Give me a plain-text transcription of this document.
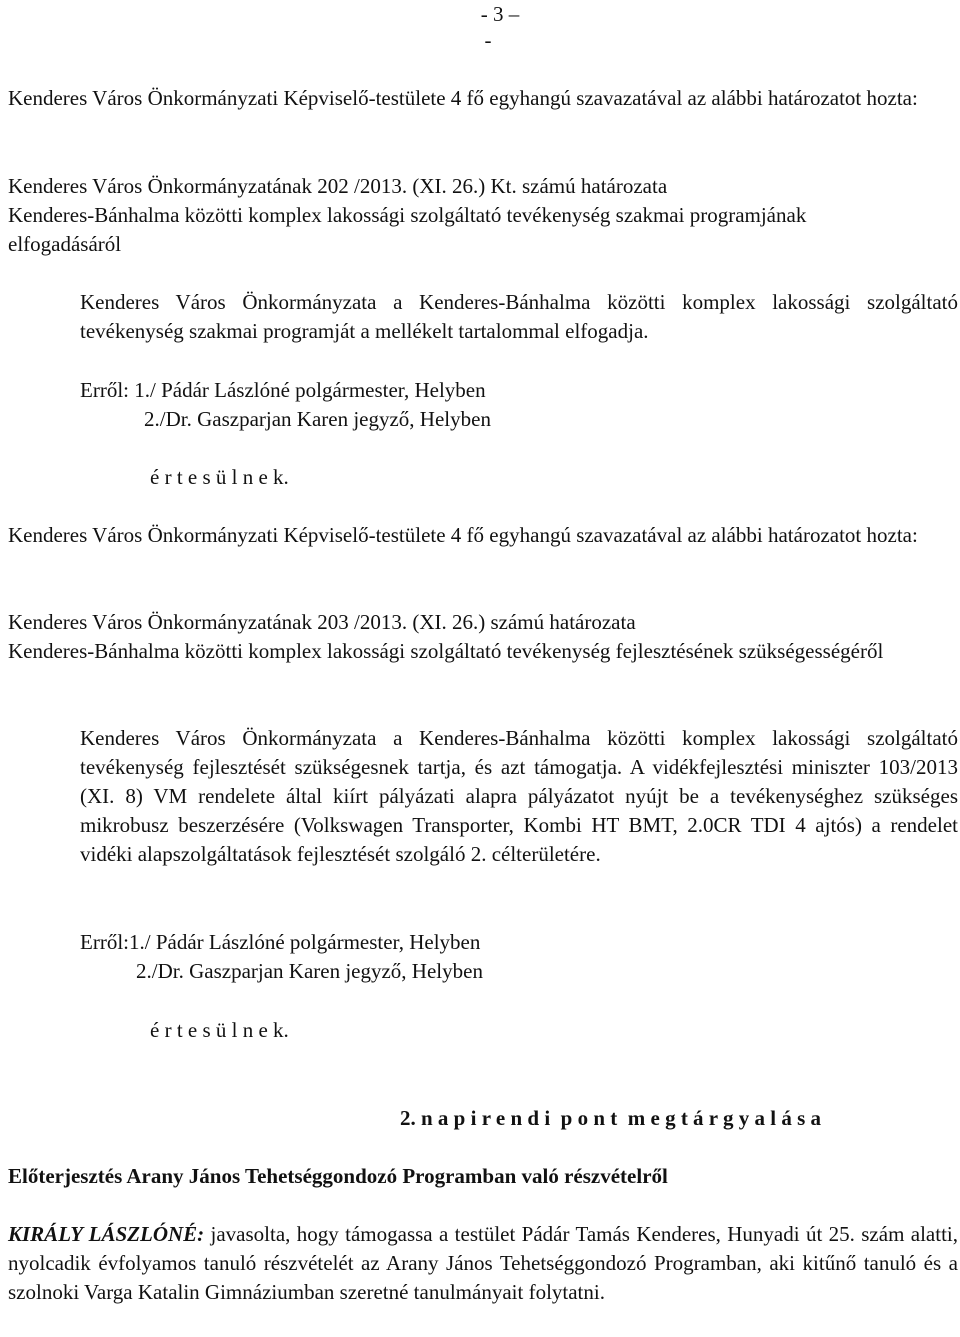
- 3 –
-
Kenderes Város Önkormányzati Képviselő-testülete 4 fő egyhangú szavazatával az alábbi határozatot hozta:
Kenderes Város Önkormányzatának 202 /2013. (XI. 26.) Kt. számú határozata
Kenderes-Bánhalma közötti komplex lakossági szolgáltató tevékenység szakmai programjának elfogadásáról
Kenderes Város Önkormányzata a Kenderes-Bánhalma közötti komplex lakossági szolgáltató tevékenység szakmai programját a mellékelt tartalommal elfogadja.
Erről: 1./ Pádár Lászlóné polgármester, Helyben
2./Dr. Gaszparjan Karen jegyző, Helyben
é r t e s ü l n e k.
Kenderes Város Önkormányzati Képviselő-testülete 4 fő egyhangú szavazatával az alábbi határozatot hozta:
Kenderes Város Önkormányzatának 203 /2013. (XI. 26.) számú határozata
Kenderes-Bánhalma közötti komplex lakossági szolgáltató tevékenység fejlesztésének szükségességéről
Kenderes Város Önkormányzata a Kenderes-Bánhalma közötti komplex lakossági szolgáltató tevékenység fejlesztését szükségesnek tartja, és azt támogatja. A vidékfejlesztési miniszter 103/2013 (XI. 8) VM rendelete által kiírt pályázati alapra pályázatot nyújt be a tevékenységhez szükséges mikrobusz beszerzésére (Volkswagen Transporter, Kombi HT BMT, 2.0CR TDI 4 ajtós) a rendelet vidéki alapszolgáltatások fejlesztését szolgáló 2. célterületére.
Erről:1./ Pádár Lászlóné polgármester, Helyben
2./Dr. Gaszparjan Karen jegyző, Helyben
é r t e s ü l n e k.
2. n a p i r e n d i  p o n t  m e g t á r g y a l á s a
Előterjesztés Arany János Tehetséggondozó Programban való részvételről
KIRÁLY LÁSZLÓNÉ: javasolta, hogy támogassa a testület Pádár Tamás Kenderes, Hunyadi út 25. szám alatti, nyolcadik évfolyamos tanuló részvételét az Arany János Tehetséggondozó Programban, aki kitűnő tanuló és a szolnoki Varga Katalin Gimnáziumban szeretné tanulmányait folytatni.
